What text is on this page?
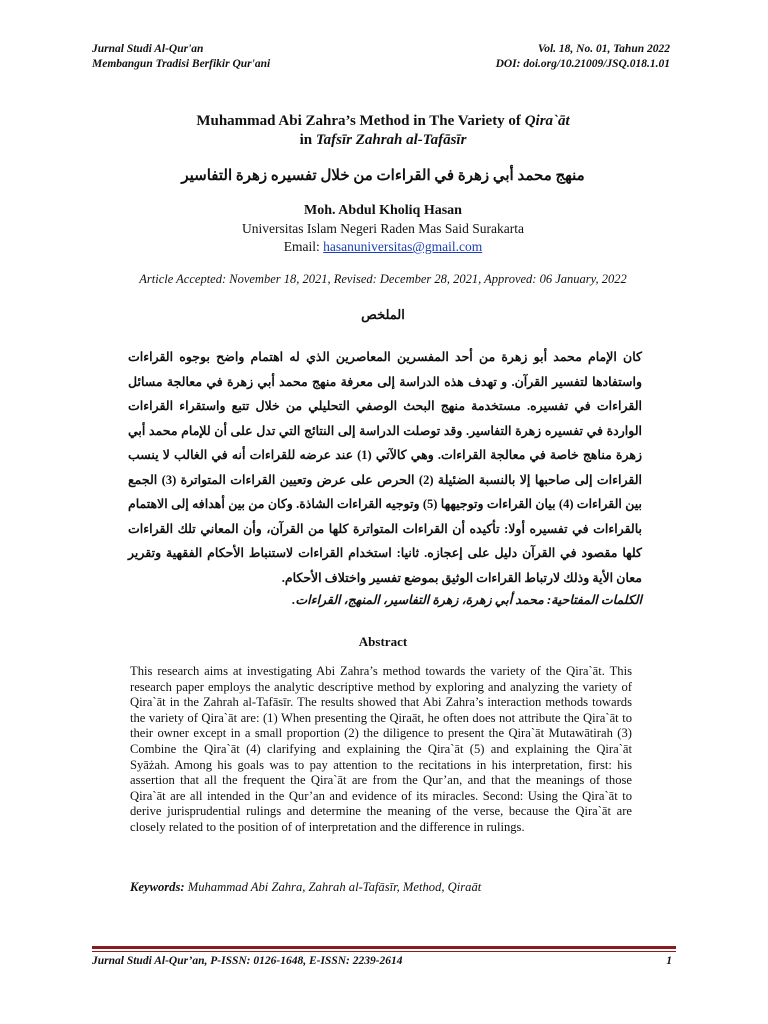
Jurnal Studi Al-Qur'an
Membangun Tradisi Berfikir Qur'ani
Vol. 18, No. 01, Tahun 2022
DOI: doi.org/10.21009/JSQ.018.1.01
Muhammad Abi Zahra’s Method in The Variety of Qira`āt
in Tafsīr Zahrah al-Tafāsīr
منهج محمد أبي زهرة في القراءات من خلال تفسيره زهرة التفاسير
Moh. Abdul Kholiq Hasan
Universitas Islam Negeri Raden Mas Said Surakarta
Email: hasanuniversitas@gmail.com
Article Accepted: November 18, 2021, Revised: December 28, 2021, Approved: 06 January, 2022
الملخص
كان الإمام محمد أبو زهرة من أحد المفسرين المعاصرين الذي له اهتمام واضح بوجوه القراءات واستفادها لتفسير القرآن. و تهدف هذه الدراسة إلى معرفة منهج محمد أبي زهرة في معالجة مسائل القراءات في تفسيره. مستخدمة منهج البحث الوصفي التحليلي من خلال تتبع واستقراء القراءات الواردة في تفسيره زهرة التفاسير. وقد توصلت الدراسة إلى النتائج التي تدل على أن للإمام محمد أبي زهرة مناهج خاصة في معالجة القراءات. وهي كالآتي (1) عند عرضه للقراءات أنه في الغالب لا ينسب القراءات إلى صاحبها إلا بالنسبة الضئيلة (2) الحرص على عرض وتعيين القراءات المتواترة (3) الجمع بين القراءات (4) بيان القراءات وتوجيهها (5) وتوجيه القراءات الشاذة. وكان من بين أهدافه إلى الاهتمام بالقراءات في تفسيره أولا: تأكيده أن القراءات المتواترة كلها من القرآن، وأن المعاني تلك القراءات كلها مقصود في القرآن دليل على إعجازه. ثانيا: استخدام القراءات لاستنباط الأحكام الفقهية وتقرير معان الأية وذلك لارتباط القراءات الوثيق بموضع تفسير واختلاف الأحكام.
الكلمات المفتاحية: محمد أبي زهرة، زهرة التفاسير، المنهج، القراءات.
Abstract
This research aims at investigating Abi Zahra’s method towards the variety of the Qira`āt. This research paper employs the analytic descriptive method by exploring and analyzing the variety of Qira`āt in the Zahrah al-Tafāsīr. The results showed that Abi Zahra’s interaction methods towards the variety of Qira`āt are: (1) When presenting the Qiraāt, he often does not attribute the Qira`āt to their owner except in a small proportion (2) the diligence to present the Qira`āt Mutawātirah (3) Combine the Qira`āt (4) clarifying and explaining the Qira`āt (5) and explaining the Qira`āt Syāżah. Among his goals was to pay attention to the recitations in his interpretation, first: his assertion that all the frequent the Qira`āt are from the Qur’an, and that the meanings of those Qira`āt are all intended in the Qur’an and evidence of its miracles. Second: Using the Qira`āt to derive jurisprudential rulings and determine the meaning of the verse, because the Qira`āt are closely related to the position of of interpretation and the difference in rulings.
Keywords: Muhammad Abi Zahra, Zahrah al-Tafāsīr, Method, Qiraāt
Jurnal Studi Al-Qur’an, P-ISSN: 0126-1648, E-ISSN: 2239-2614	1
